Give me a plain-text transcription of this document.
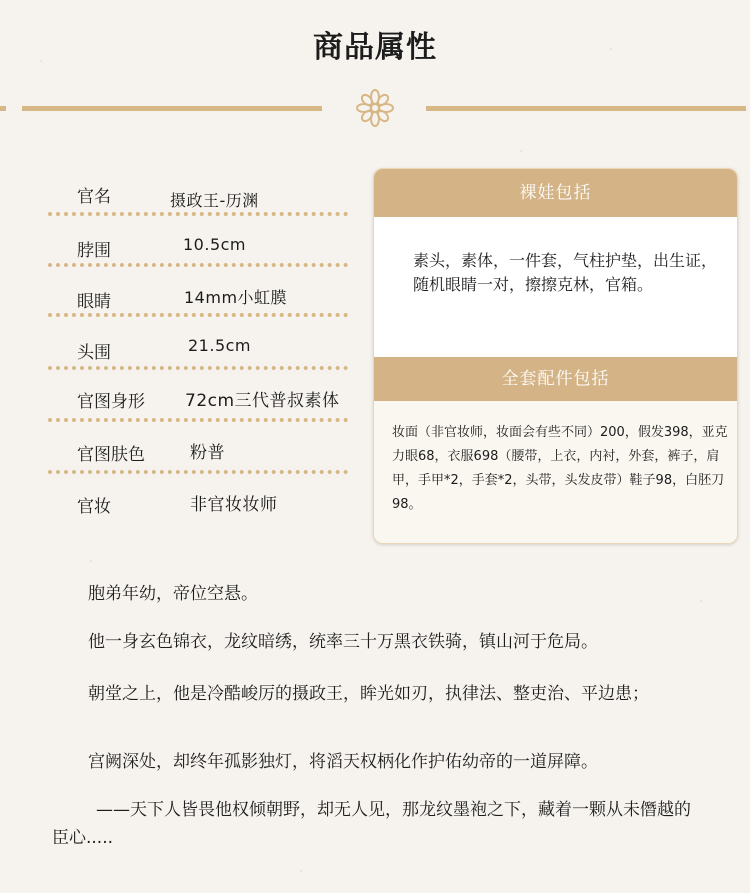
商品属性
官名	摄政王-历渊
脖围	10.5cm
眼睛	14mm小虹膜
头围	21.5cm
官图身形 72cm三代普叔素体
官图肤色	粉普
官妆	非官妆妆师
裸娃包括
素头，素体，一件套，气柱护垫，出生证，随机眼睛一对，擦擦克林，官箱。
全套配件包括
妆面（非官妆师，妆面会有些不同）200，假发398，亚克力眼68，衣服698（腰带，上衣，内衬，外套，裤子，肩甲，手甲*2，手套*2，头带，头发皮带）鞋子98，白胚刀98。
胞弟年幼，帝位空悬。
他一身玄色锦衣，龙纹暗绣，统率三十万黑衣铁骑，镇山河于危局。
朝堂之上，他是冷酷峻厉的摄政王，眸光如刃，执律法、整吏治、平边患；
宫阙深处，却终年孤影独灯，将滔天权柄化作护佑幼帝的一道屏障。
——天下人皆畏他权倾朝野，却无人见，那龙纹墨袍之下，藏着一颗从未僭越的臣心.....
